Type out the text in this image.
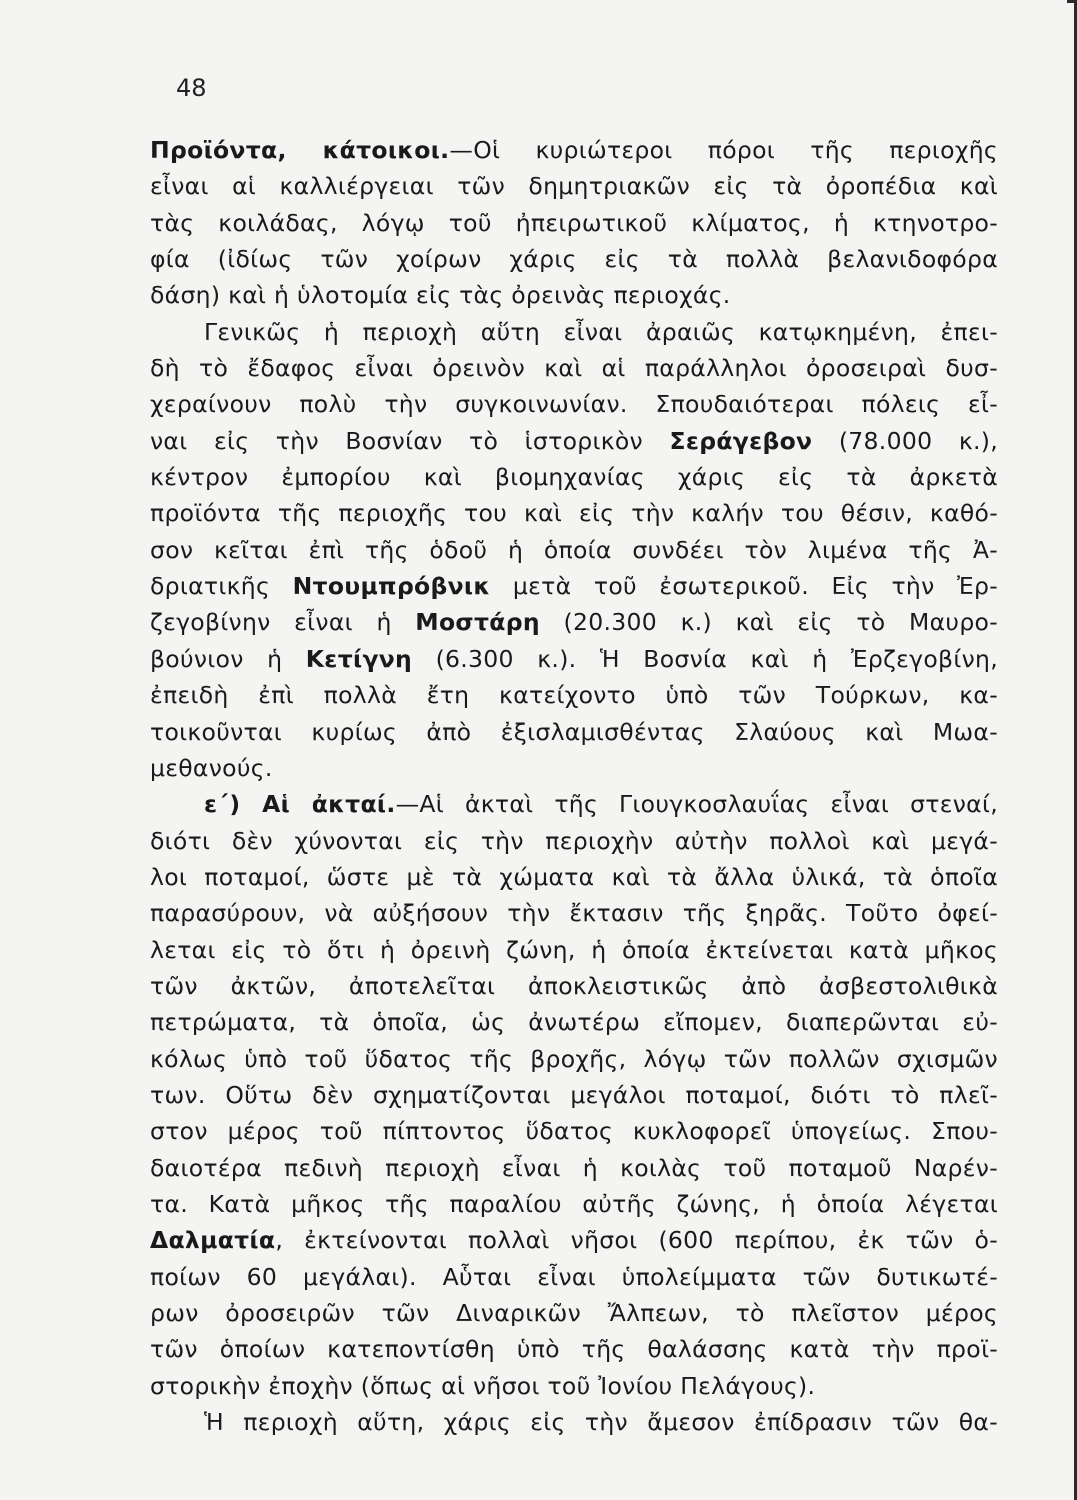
48
Προϊόντα, κάτοικοι.—Οἱ κυριώτεροι πόροι τῆς περιοχῆς
εἶναι αἱ καλλιέργειαι τῶν δημητριακῶν εἰς τὰ ὀροπέδια καὶ
τὰς κοιλάδας, λόγῳ τοῦ ἠπειρωτικοῦ κλίματος, ἡ κτηνοτρο-
φία (ἰδίως τῶν χοίρων χάρις εἰς τὰ πολλὰ βελανιδοφόρα
δάση) καὶ ἡ ὑλοτομία εἰς τὰς ὀρεινὰς περιοχάς.
Γενικῶς ἡ περιοχὴ αὕτη εἶναι ἀραιῶς κατῳκημένη, ἐπει-
δὴ τὸ ἔδαφος εἶναι ὀρεινὸν καὶ αἱ παράλληλοι ὀροσειραὶ δυσ-
χεραίνουν πολὺ τὴν συγκοινωνίαν. Σπουδαιότεραι πόλεις εἶ-
ναι εἰς τὴν Βοσνίαν τὸ ἱστορικὸν Σεράγεβον (78.000 κ.),
κέντρον ἐμπορίου καὶ βιομηχανίας χάρις εἰς τὰ ἀρκετὰ
προϊόντα τῆς περιοχῆς του καὶ εἰς τὴν καλήν του θέσιν, καθό-
σον κεῖται ἐπὶ τῆς ὁδοῦ ἡ ὁποία συνδέει τὸν λιμένα τῆς Ἀ-
δριατικῆς Ντουμπρόβνικ μετὰ τοῦ ἐσωτερικοῦ. Εἰς τὴν Ἐρ-
ζεγοβίνην εἶναι ἡ Μοστάρη (20.300 κ.) καὶ εἰς τὸ Μαυρο-
βούνιον ἡ Κετίγνη (6.300 κ.). Ἡ Βοσνία καὶ ἡ Ἐρζεγοβίνη,
ἐπειδὴ ἐπὶ πολλὰ ἔτη κατείχοντο ὑπὸ τῶν Τούρκων, κα-
τοικοῦνται κυρίως ἀπὸ ἐξισλαμισθέντας Σλαύους καὶ Μωα-
μεθανούς.
ε´) Αἱ ἀκταί.—Αἱ ἀκταὶ τῆς Γιουγκοσλαυΐας εἶναι στεναί,
διότι δὲν χύνονται εἰς τὴν περιοχὴν αὐτὴν πολλοὶ καὶ μεγά-
λοι ποταμοί, ὥστε μὲ τὰ χώματα καὶ τὰ ἄλλα ὑλικά, τὰ ὁποῖα
παρασύρουν, νὰ αὐξήσουν τὴν ἔκτασιν τῆς ξηρᾶς. Τοῦτο ὀφεί-
λεται εἰς τὸ ὅτι ἡ ὀρεινὴ ζώνη, ἡ ὁποία ἐκτείνεται κατὰ μῆκος
τῶν ἀκτῶν, ἀποτελεῖται ἀποκλειστικῶς ἀπὸ ἀσβεστολιθικὰ
πετρώματα, τὰ ὁποῖα, ὡς ἀνωτέρω εἴπομεν, διαπερῶνται εὐ-
κόλως ὑπὸ τοῦ ὕδατος τῆς βροχῆς, λόγῳ τῶν πολλῶν σχισμῶν
των. Οὕτω δὲν σχηματίζονται μεγάλοι ποταμοί, διότι τὸ πλεῖ-
στον μέρος τοῦ πίπτοντος ὕδατος κυκλοφορεῖ ὑπογείως. Σπου-
δαιοτέρα πεδινὴ περιοχὴ εἶναι ἡ κοιλὰς τοῦ ποταμοῦ Ναρέν-
τα. Κατὰ μῆκος τῆς παραλίου αὐτῆς ζώνης, ἡ ὁποία λέγεται
Δαλματία, ἐκτείνονται πολλαὶ νῆσοι (600 περίπου, ἐκ τῶν ὁ-
ποίων 60 μεγάλαι). Αὗται εἶναι ὑπολείμματα τῶν δυτικωτέ-
ρων ὀροσειρῶν τῶν Διναρικῶν Ἄλπεων, τὸ πλεῖστον μέρος
τῶν ὁποίων κατεποντίσθη ὑπὸ τῆς θαλάσσης κατὰ τὴν προϊ-
στορικὴν ἐποχὴν (ὅπως αἱ νῆσοι τοῦ Ἰονίου Πελάγους).
Ἡ περιοχὴ αὕτη, χάρις εἰς τὴν ἄμεσον ἐπίδρασιν τῶν θα-
